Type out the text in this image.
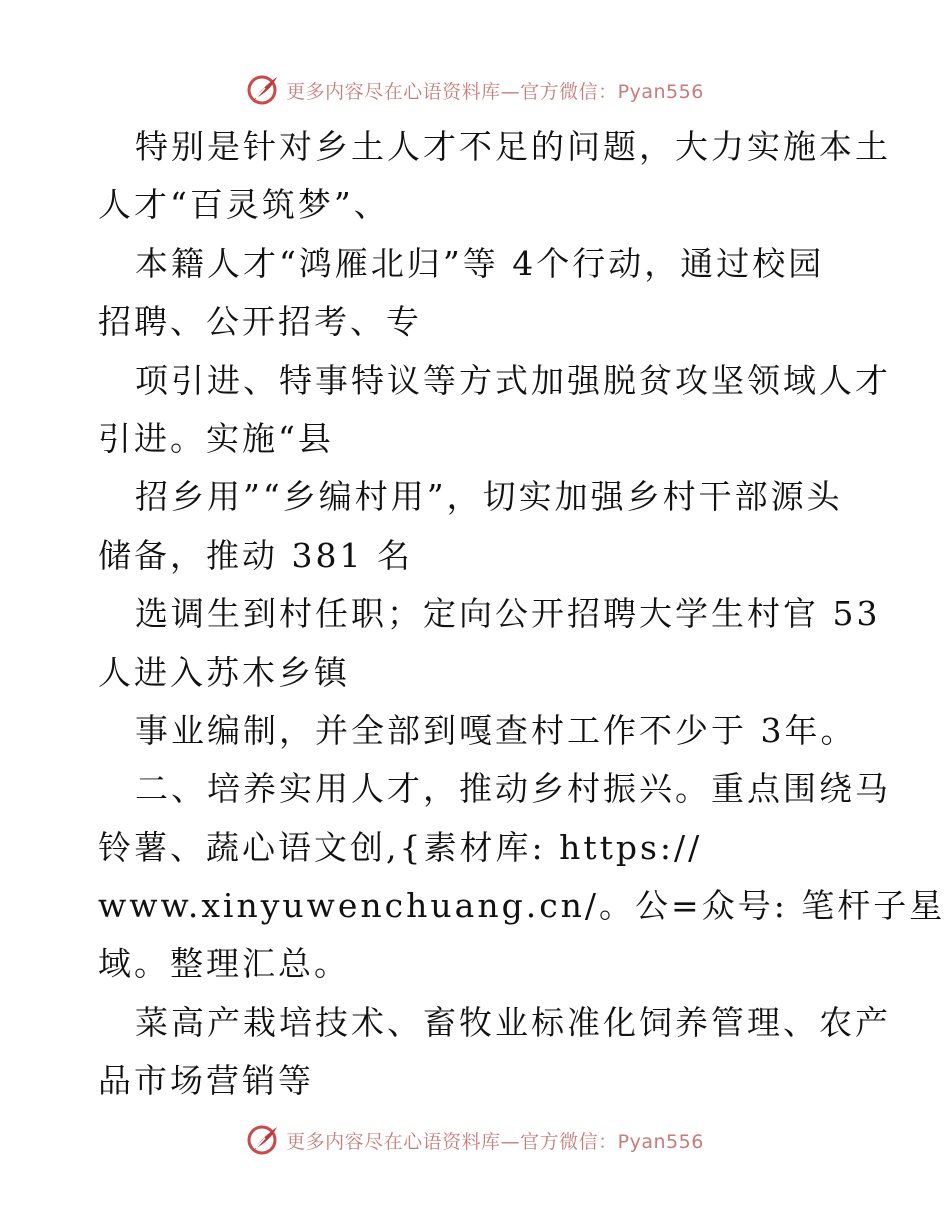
更多内容尽在心语资料库—官方微信：Pyan556
特别是针对乡土人才不足的问题，大力实施本土
人才“百灵筑梦”、
本籍人才“鸿雁北归”等 4个行动，通过校园
招聘、公开招考、专
项引进、特事特议等方式加强脱贫攻坚领域人才
引进。实施“县
招乡用”“乡编村用”，切实加强乡村干部源头
储备，推动 381 名
选调生到村任职；定向公开招聘大学生村官 53
人进入苏木乡镇
事业编制，并全部到嘎查村工作不少于 3年。
二、培养实用人才，推动乡村振兴。重点围绕马
铃薯、蔬心语文创,{素材库: https://
www.xinyuwenchuang.cn/。公=众号: 笔杆子星
域。整理汇总。
菜高产栽培技术、畜牧业标准化饲养管理、农产
品市场营销等
更多内容尽在心语资料库—官方微信：Pyan556
